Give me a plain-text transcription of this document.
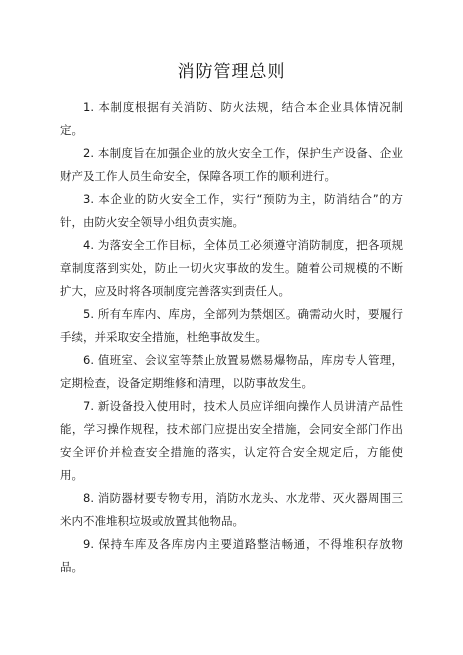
消防管理总则

1. 本制度根据有关消防、防火法规，结合本企业具体情况制定。

2. 本制度旨在加强企业的放火安全工作，保护生产设备、企业财产及工作人员生命安全，保障各项工作的顺利进行。

3. 本企业的防火安全工作，实行“预防为主，防消结合”的方针，由防火安全领导小组负责实施。

4. 为落安全工作目标，全体员工必须遵守消防制度，把各项规章制度落到实处，防止一切火灾事故的发生。随着公司规模的不断扩大，应及时将各项制度完善落实到责任人。

5. 所有车库内、库房，全部列为禁烟区。确需动火时，要履行手续，并采取安全措施，杜绝事故发生。

6. 值班室、会议室等禁止放置易燃易爆物品，库房专人管理，定期检查，设备定期维修和清理，以防事故发生。

7. 新设备投入使用时，技术人员应详细向操作人员讲清产品性能，学习操作规程，技术部门应提出安全措施，会同安全部门作出安全评价并检查安全措施的落实，认定符合安全规定后，方能使用。

8. 消防器材要专物专用，消防水龙头、水龙带、灭火器周围三米内不准堆积垃圾或放置其他物品。

9. 保持车库及各库房内主要道路整洁畅通，不得堆积存放物品。
